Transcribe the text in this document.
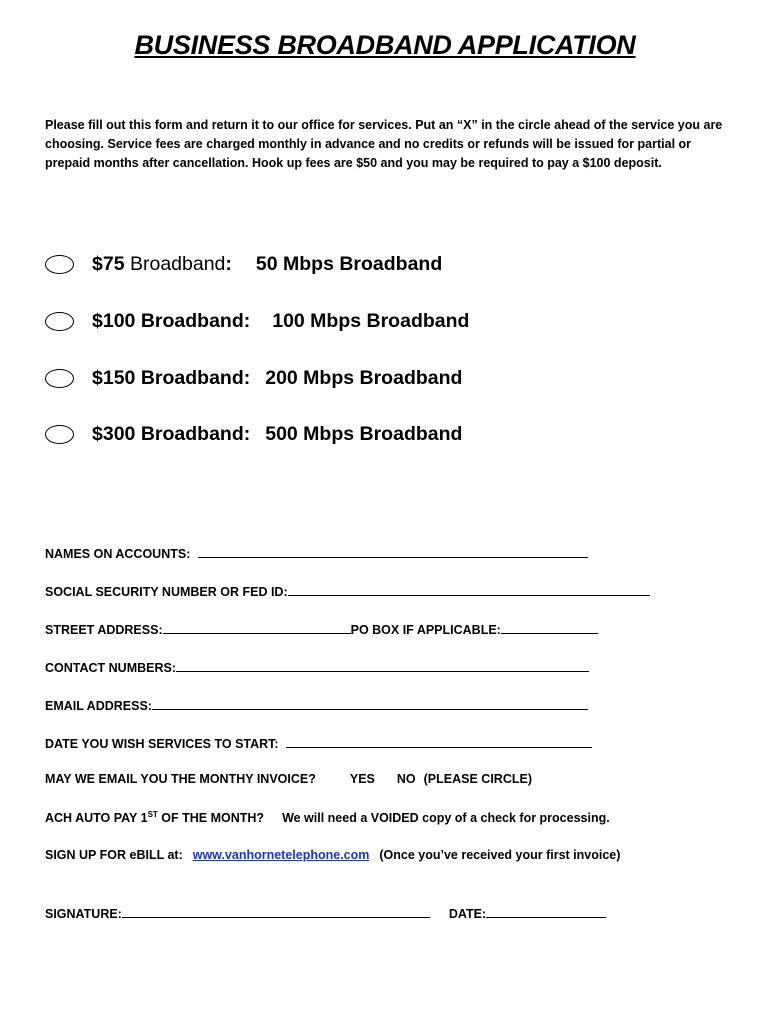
BUSINESS BROADBAND APPLICATION
Please fill out this form and return it to our office for services. Put an “X” in the circle ahead of the service you are choosing. Service fees are charged monthly in advance and no credits or refunds will be issued for partial or prepaid months after cancellation. Hook up fees are $50 and you may be required to pay a $100 deposit.
$75
Broadband : 50 Mbps Broadband
$100
Broadband : 100 Mbps Broadband
$150
Broadband : 200 Mbps Broadband
$300
Broadband : 500 Mbps Broadband
NAMES ON ACCOUNTS:
SOCIAL SECURITY NUMBER OR FED ID:
STREET ADDRESS:	PO BOX IF APPLICABLE:
CONTACT NUMBERS:
EMAIL ADDRESS:
DATE YOU WISH SERVICES TO START:
MAY WE EMAIL YOU THE MONTHY INVOICE?	YES NO (PLEASE CIRCLE)
ACH AUTO PAY 1ST OF THE MONTH? We will need a VOIDED copy of a check for processing.
SIGN UP FOR eBILL at: www.vanhornetelephone.com (Once you’ve received your first invoice)
SIGNATURE:	DATE:
